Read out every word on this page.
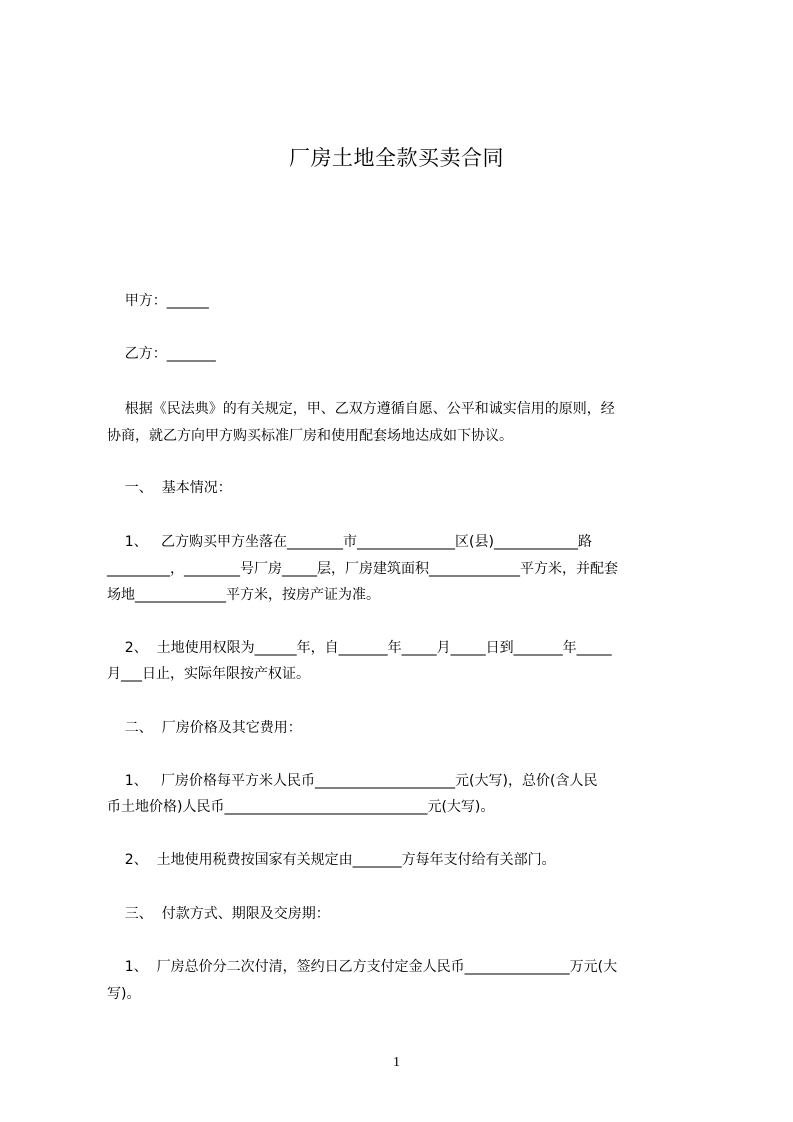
厂房土地全款买卖合同
甲方：______
乙方：_______
根据《民法典》的有关规定，甲、乙双方遵循自愿、公平和诚实信用的原则，经
协商，就乙方向甲方购买标准厂房和使用配套场地达成如下协议。
一、  基本情况：
1、   乙方购买甲方坐落在________市______________区(县)____________路
_________，________号厂房_____层，厂房建筑面积_____________平方米，并配套
场地_____________平方米，按房产证为准。
2、  土地使用权限为______年，自_______年_____月_____日到_______年_____
月___日止，实际年限按产权证。
二、  厂房价格及其它费用：
1、   厂房价格每平方米人民币____________________元(大写)，总价(含人民
币土地价格)人民币_____________________________元(大写)。
2、  土地使用税费按国家有关规定由_______方每年支付给有关部门。
三、  付款方式、期限及交房期：
1、  厂房总价分二次付清，签约日乙方支付定金人民币_______________万元(大
写)。
1
